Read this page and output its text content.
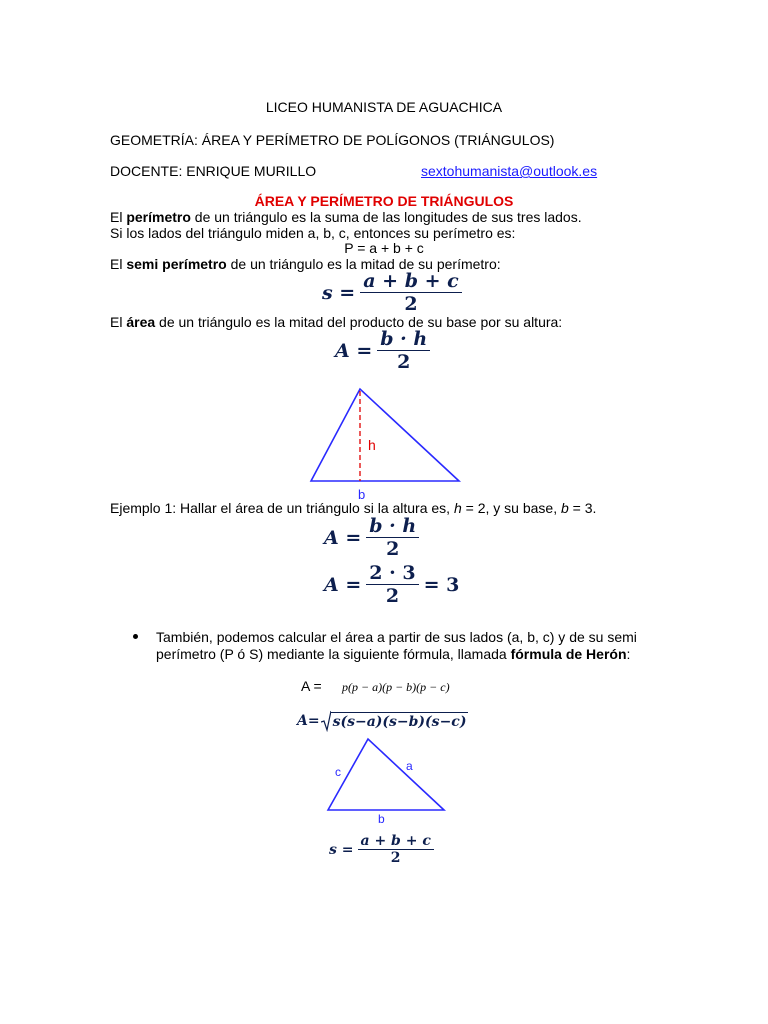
LICEO HUMANISTA DE AGUACHICA
GEOMETRÍA: ÁREA Y PERÍMETRO DE POLÍGONOS (TRIÁNGULOS)
DOCENTE: ENRIQUE MURILLO	sextohumanista@outlook.es
ÁREA Y PERÍMETRO DE TRIÁNGULOS
El perímetro de un triángulo es la suma de las longitudes de sus tres lados.
Si los lados del triángulo miden a, b, c, entonces su perímetro es:
P = a + b + c
El semi perímetro de un triángulo es la mitad de su perímetro:
$s = \frac{a + b + c}{2}$
El área de un triángulo es la mitad del producto de su base por su altura:
$A = \frac{b \cdot h}{2}$
h
b
Ejemplo 1: Hallar el área de un triángulo si la altura es, h = 2, y su base, b = 3.
$A = \frac{b \cdot h}{2}$
$A = \frac{2 \cdot 3}{2} = 3$
También, podemos calcular el área a partir de sus lados (a, b, c) y de su semi
perímetro (P ó S) mediante la siguiente fórmula, llamada fórmula de Herón:
A = p(p − a)(p − b)(p − c)
A= s(s−a)(s−b)(s−c)
a
c
b
$s = \frac{a + b + c}{2}$
